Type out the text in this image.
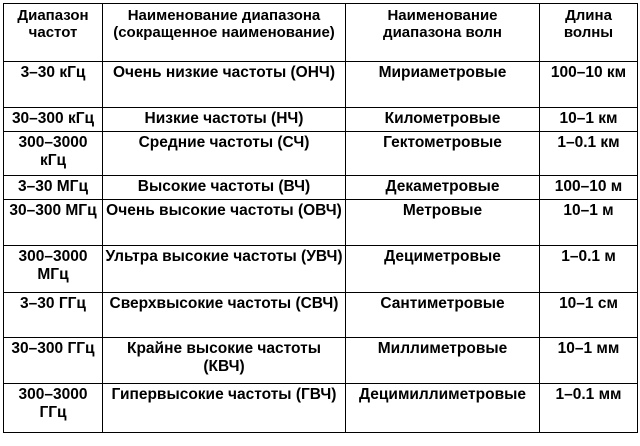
Диапазон частот	Наименование диапазона (сокращенное наименование)	Наименование диапазона волн	Длина волны
3–30 кГц	Очень низкие частоты (ОНЧ)	Мириаметровые	100–10 км
30–300 кГц	Низкие частоты (НЧ)	Километровые	10–1 км
300–3000 кГц	Средние частоты (СЧ)	Гектометровые	1–0.1 км
3–30 МГц	Высокие частоты (ВЧ)	Декаметровые	100–10 м
30–300 МГц	Очень высокие частоты (ОВЧ)	Метровые	10–1 м
300–3000 МГц	Ультра высокие частоты (УВЧ)	Дециметровые	1–0.1 м
3–30 ГГц	Сверхвысокие частоты (СВЧ)	Сантиметровые	10–1 см
30–300 ГГц	Крайне высокие частоты (КВЧ)	Миллиметровые	10–1 мм
300–3000 ГГц	Гипервысокие частоты (ГВЧ)	Децимиллиметровые	1–0.1 мм
